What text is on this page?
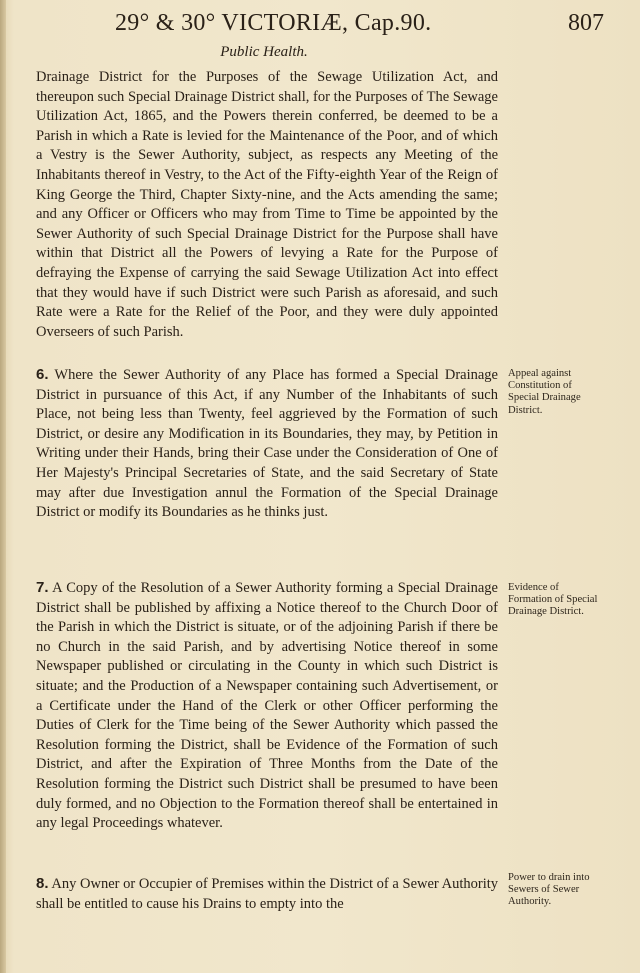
29° & 30° VICTORIÆ, Cap.90.	807
Public Health.
Drainage District for the Purposes of the Sewage Utilization Act, and thereupon such Special Drainage District shall, for the Purposes of The Sewage Utilization Act, 1865, and the Powers therein conferred, be deemed to be a Parish in which a Rate is levied for the Maintenance of the Poor, and of which a Vestry is the Sewer Authority, subject, as respects any Meeting of the Inhabitants thereof in Vestry, to the Act of the Fifty-eighth Year of the Reign of King George the Third, Chapter Sixty-nine, and the Acts amending the same; and any Officer or Officers who may from Time to Time be appointed by the Sewer Authority of such Special Drainage District for the Purpose shall have within that District all the Powers of levying a Rate for the Purpose of defraying the Expense of carrying the said Sewage Utilization Act into effect that they would have if such District were such Parish as aforesaid, and such Rate were a Rate for the Relief of the Poor, and they were duly appointed Overseers of such Parish.
6. Where the Sewer Authority of any Place has formed a Special Drainage District in pursuance of this Act, if any Number of the Inhabitants of such Place, not being less than Twenty, feel aggrieved by the Formation of such District, or desire any Modification in its Boundaries, they may, by Petition in Writing under their Hands, bring their Case under the Consideration of One of Her Majesty's Principal Secretaries of State, and the said Secretary of State may after due Investigation annul the Formation of the Special Drainage District or modify its Boundaries as he thinks just.
Appeal against Constitution of Special Drainage District.
7. A Copy of the Resolution of a Sewer Authority forming a Special Drainage District shall be published by affixing a Notice thereof to the Church Door of the Parish in which the District is situate, or of the adjoining Parish if there be no Church in the said Parish, and by advertising Notice thereof in some Newspaper published or circulating in the County in which such District is situate; and the Production of a Newspaper containing such Advertisement, or a Certificate under the Hand of the Clerk or other Officer performing the Duties of Clerk for the Time being of the Sewer Authority which passed the Resolution forming the District, shall be Evidence of the Formation of such District, and after the Expiration of Three Months from the Date of the Resolution forming the District such District shall be presumed to have been duly formed, and no Objection to the Formation thereof shall be entertained in any legal Proceedings whatever.
Evidence of Formation of Special Drainage District.
8. Any Owner or Occupier of Premises within the District of a Sewer Authority shall be entitled to cause his Drains to empty into the
Power to drain into Sewers of Sewer Authority.
